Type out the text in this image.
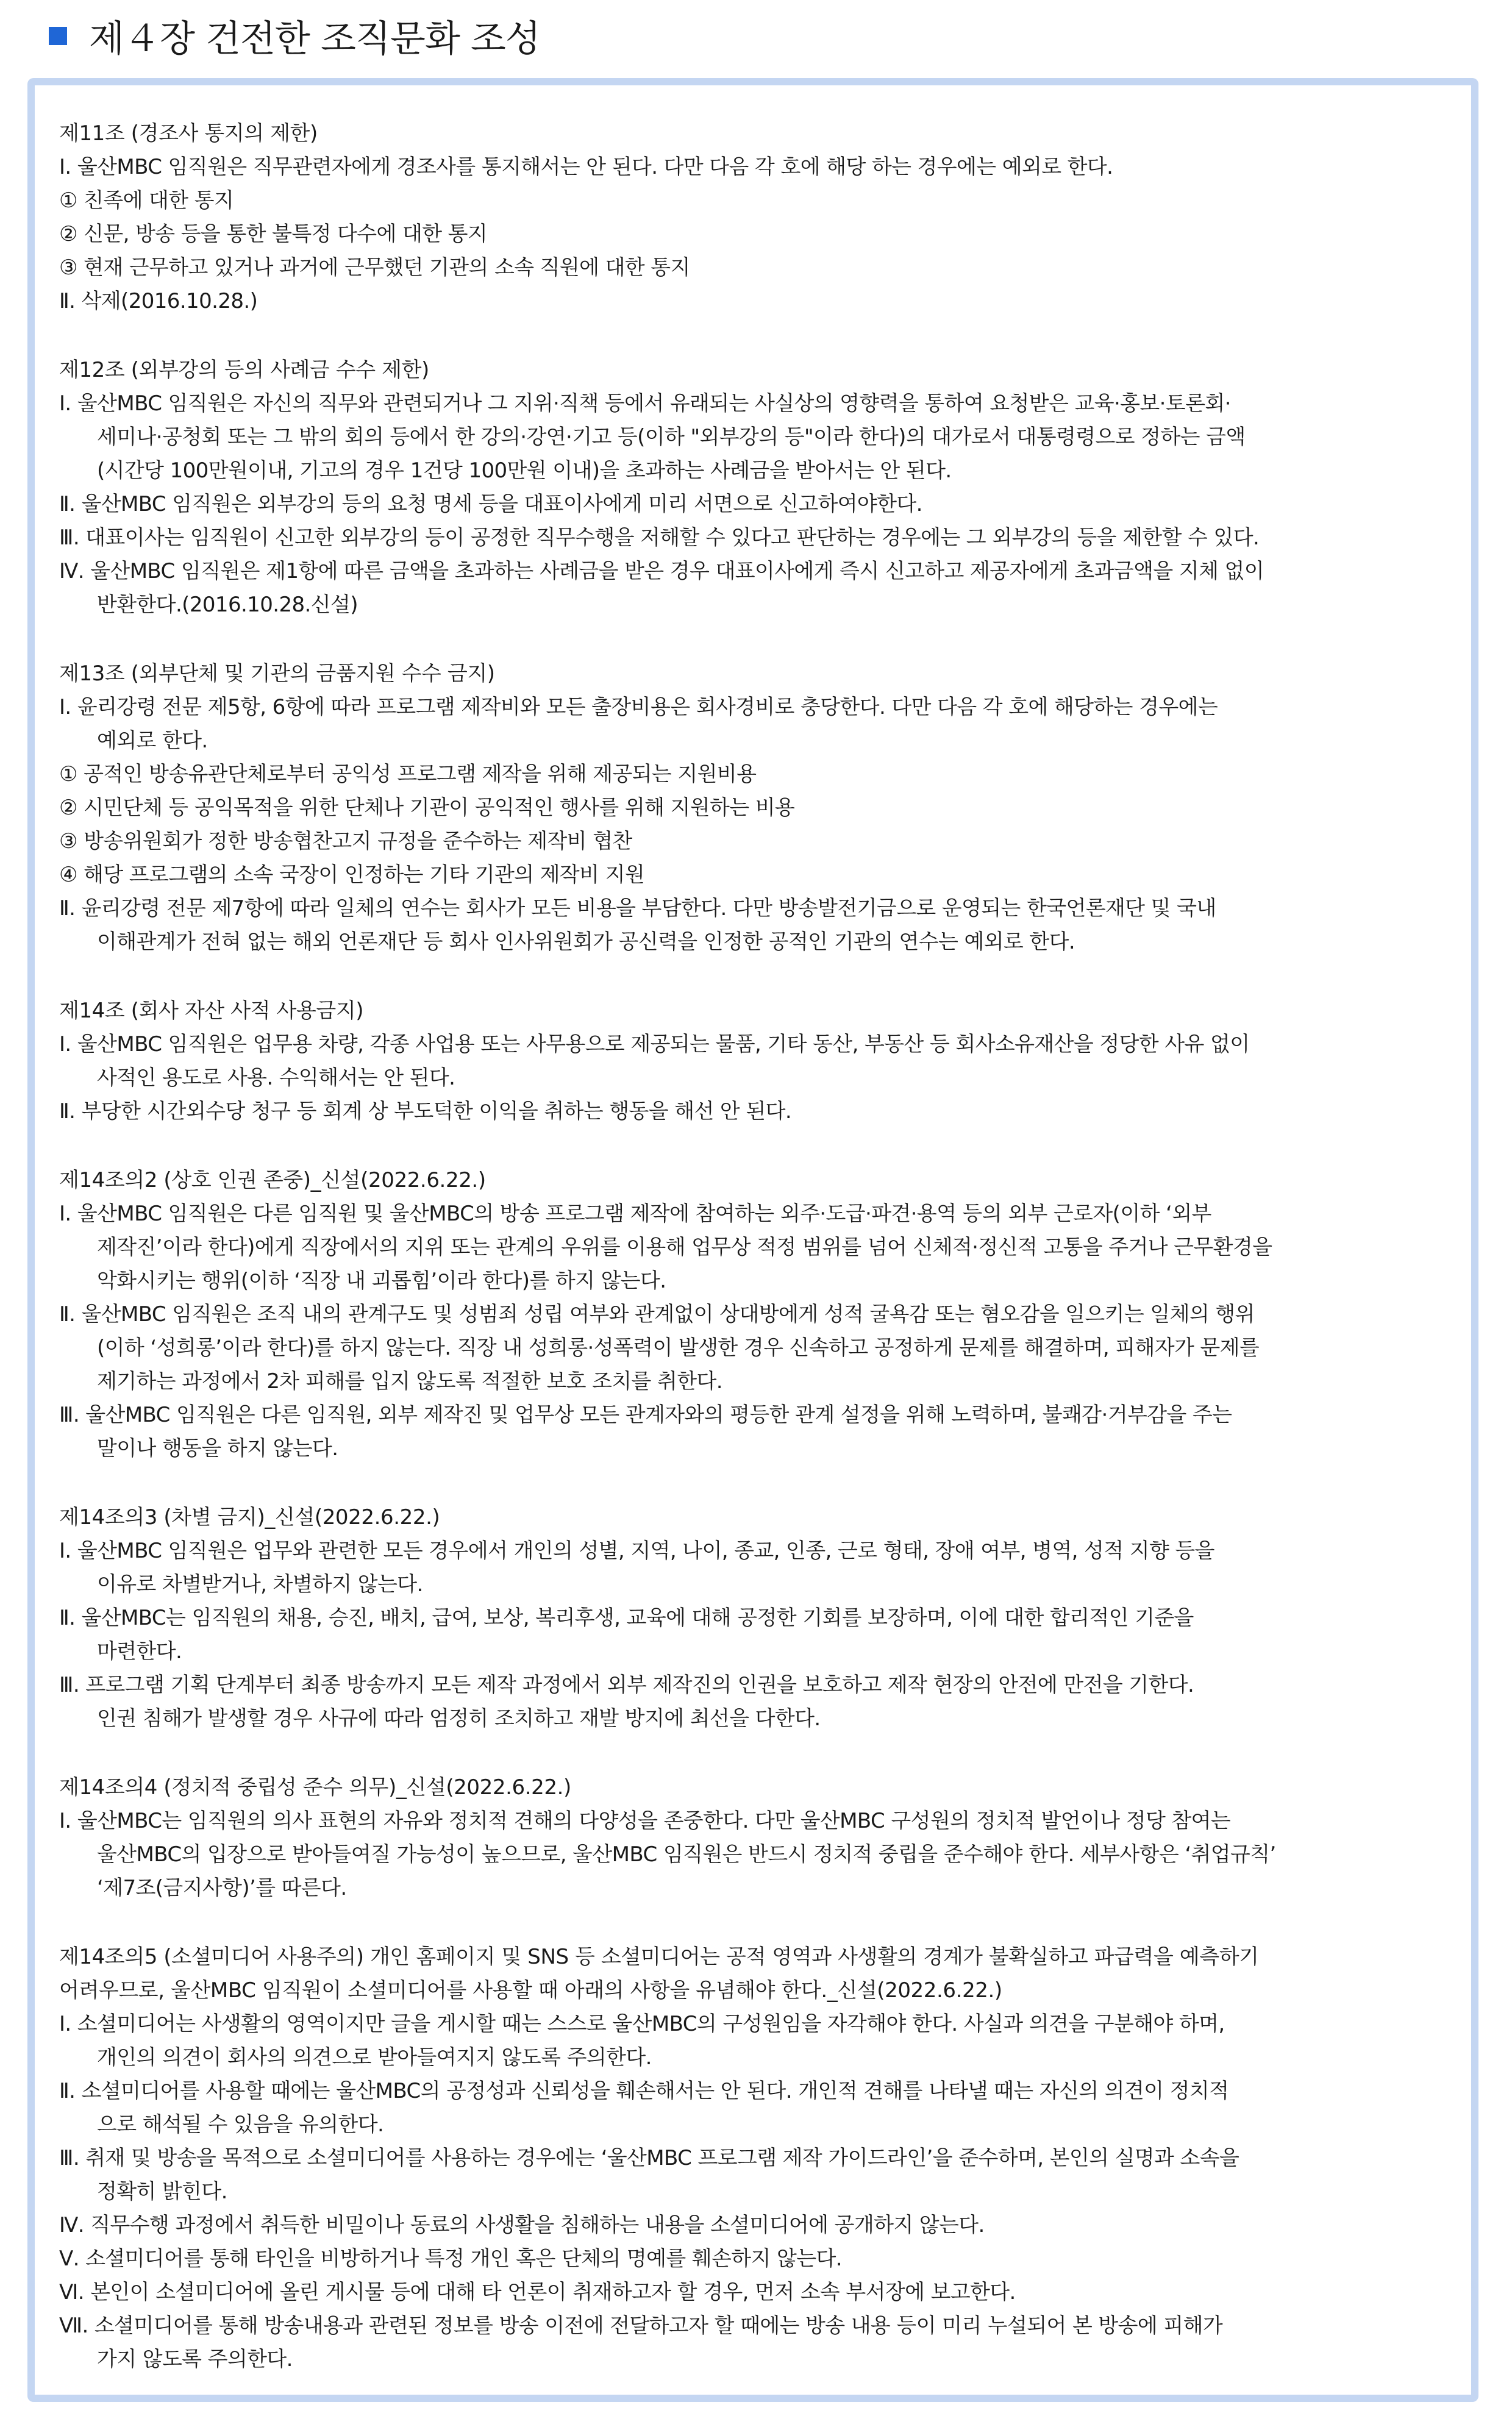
제４장 건전한 조직문화 조성
제11조 (경조사 통지의 제한)
Ⅰ. 울산MBC 임직원은 직무관련자에게 경조사를 통지해서는 안 된다. 다만 다음 각 호에 해당 하는 경우에는 예외로 한다.
① 친족에 대한 통지
② 신문, 방송 등을 통한 불특정 다수에 대한 통지
③ 현재 근무하고 있거나 과거에 근무했던 기관의 소속 직원에 대한 통지
Ⅱ. 삭제(2016.10.28.)
제12조 (외부강의 등의 사례금 수수 제한)
Ⅰ. 울산MBC 임직원은 자신의 직무와 관련되거나 그 지위·직책 등에서 유래되는 사실상의 영향력을 통하여 요청받은 교육·홍보·토론회·
세미나·공청회 또는 그 밖의 회의 등에서 한 강의·강연·기고 등(이하 "외부강의 등"이라 한다)의 대가로서 대통령령으로 정하는 금액
(시간당 100만원이내, 기고의 경우 1건당 100만원 이내)을 초과하는 사례금을 받아서는 안 된다.
Ⅱ. 울산MBC 임직원은 외부강의 등의 요청 명세 등을 대표이사에게 미리 서면으로 신고하여야한다.
Ⅲ. 대표이사는 임직원이 신고한 외부강의 등이 공정한 직무수행을 저해할 수 있다고 판단하는 경우에는 그 외부강의 등을 제한할 수 있다.
Ⅳ. 울산MBC 임직원은 제1항에 따른 금액을 초과하는 사례금을 받은 경우 대표이사에게 즉시 신고하고 제공자에게 초과금액을 지체 없이
반환한다.(2016.10.28.신설)
제13조 (외부단체 및 기관의 금품지원 수수 금지)
Ⅰ. 윤리강령 전문 제5항, 6항에 따라 프로그램 제작비와 모든 출장비용은 회사경비로 충당한다. 다만 다음 각 호에 해당하는 경우에는
예외로 한다.
① 공적인 방송유관단체로부터 공익성 프로그램 제작을 위해 제공되는 지원비용
② 시민단체 등 공익목적을 위한 단체나 기관이 공익적인 행사를 위해 지원하는 비용
③ 방송위원회가 정한 방송협찬고지 규정을 준수하는 제작비 협찬
④ 해당 프로그램의 소속 국장이 인정하는 기타 기관의 제작비 지원
Ⅱ. 윤리강령 전문 제7항에 따라 일체의 연수는 회사가 모든 비용을 부담한다. 다만 방송발전기금으로 운영되는 한국언론재단 및 국내
이해관계가 전혀 없는 해외 언론재단 등 회사 인사위원회가 공신력을 인정한 공적인 기관의 연수는 예외로 한다.
제14조 (회사 자산 사적 사용금지)
Ⅰ. 울산MBC 임직원은 업무용 차량, 각종 사업용 또는 사무용으로 제공되는 물품, 기타 동산, 부동산 등 회사소유재산을 정당한 사유 없이
사적인 용도로 사용. 수익해서는 안 된다.
Ⅱ. 부당한 시간외수당 청구 등 회계 상 부도덕한 이익을 취하는 행동을 해선 안 된다.
제14조의2 (상호 인권 존중)_신설(2022.6.22.)
Ⅰ. 울산MBC 임직원은 다른 임직원 및 울산MBC의 방송 프로그램 제작에 참여하는 외주·도급·파견·용역 등의 외부 근로자(이하 ‘외부
제작진’이라 한다)에게 직장에서의 지위 또는 관계의 우위를 이용해 업무상 적정 범위를 넘어 신체적·정신적 고통을 주거나 근무환경을
악화시키는 행위(이하 ‘직장 내 괴롭힘’이라 한다)를 하지 않는다.
Ⅱ. 울산MBC 임직원은 조직 내의 관계구도 및 성범죄 성립 여부와 관계없이 상대방에게 성적 굴욕감 또는 혐오감을 일으키는 일체의 행위
(이하 ‘성희롱’이라 한다)를 하지 않는다. 직장 내 성희롱·성폭력이 발생한 경우 신속하고 공정하게 문제를 해결하며, 피해자가 문제를
제기하는 과정에서 2차 피해를 입지 않도록 적절한 보호 조치를 취한다.
Ⅲ. 울산MBC 임직원은 다른 임직원, 외부 제작진 및 업무상 모든 관계자와의 평등한 관계 설정을 위해 노력하며, 불쾌감·거부감을 주는
말이나 행동을 하지 않는다.
제14조의3 (차별 금지)_신설(2022.6.22.)
Ⅰ. 울산MBC 임직원은 업무와 관련한 모든 경우에서 개인의 성별, 지역, 나이, 종교, 인종, 근로 형태, 장애 여부, 병역, 성적 지향 등을
이유로 차별받거나, 차별하지 않는다.
Ⅱ. 울산MBC는 임직원의 채용, 승진, 배치, 급여, 보상, 복리후생, 교육에 대해 공정한 기회를 보장하며, 이에 대한 합리적인 기준을
마련한다.
Ⅲ. 프로그램 기획 단계부터 최종 방송까지 모든 제작 과정에서 외부 제작진의 인권을 보호하고 제작 현장의 안전에 만전을 기한다.
인권 침해가 발생할 경우 사규에 따라 엄정히 조치하고 재발 방지에 최선을 다한다.
제14조의4 (정치적 중립성 준수 의무)_신설(2022.6.22.)
Ⅰ. 울산MBC는 임직원의 의사 표현의 자유와 정치적 견해의 다양성을 존중한다. 다만 울산MBC 구성원의 정치적 발언이나 정당 참여는
울산MBC의 입장으로 받아들여질 가능성이 높으므로, 울산MBC 임직원은 반드시 정치적 중립을 준수해야 한다. 세부사항은 ‘취업규칙’
‘제7조(금지사항)’를 따른다.
제14조의5 (소셜미디어 사용주의) 개인 홈페이지 및 SNS 등 소셜미디어는 공적 영역과 사생활의 경계가 불확실하고 파급력을 예측하기
어려우므로, 울산MBC 임직원이 소셜미디어를 사용할 때 아래의 사항을 유념해야 한다._신설(2022.6.22.)
Ⅰ. 소셜미디어는 사생활의 영역이지만 글을 게시할 때는 스스로 울산MBC의 구성원임을 자각해야 한다. 사실과 의견을 구분해야 하며,
개인의 의견이 회사의 의견으로 받아들여지지 않도록 주의한다.
Ⅱ. 소셜미디어를 사용할 때에는 울산MBC의 공정성과 신뢰성을 훼손해서는 안 된다. 개인적 견해를 나타낼 때는 자신의 의견이 정치적
으로 해석될 수 있음을 유의한다.
Ⅲ. 취재 및 방송을 목적으로 소셜미디어를 사용하는 경우에는 ‘울산MBC 프로그램 제작 가이드라인’을 준수하며, 본인의 실명과 소속을
정확히 밝힌다.
Ⅳ. 직무수행 과정에서 취득한 비밀이나 동료의 사생활을 침해하는 내용을 소셜미디어에 공개하지 않는다.
Ⅴ. 소셜미디어를 통해 타인을 비방하거나 특정 개인 혹은 단체의 명예를 훼손하지 않는다.
Ⅵ. 본인이 소셜미디어에 올린 게시물 등에 대해 타 언론이 취재하고자 할 경우, 먼저 소속 부서장에 보고한다.
Ⅶ. 소셜미디어를 통해 방송내용과 관련된 정보를 방송 이전에 전달하고자 할 때에는 방송 내용 등이 미리 누설되어 본 방송에 피해가
가지 않도록 주의한다.
